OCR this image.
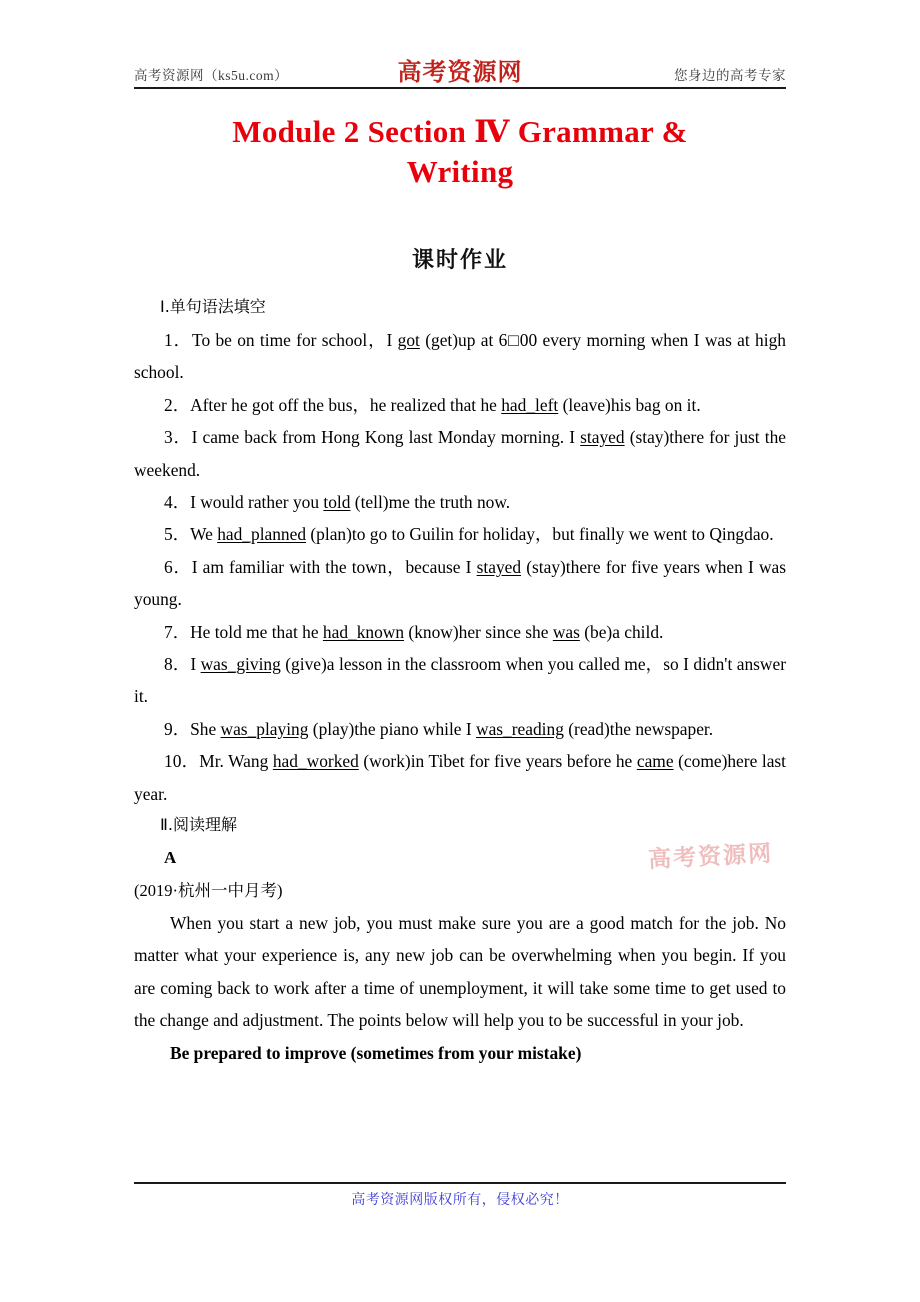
高考资源网（ks5u.com）	高考资源网	您身边的高考专家
Module 2 Section Ⅳ Grammar &
Writing
课时作业
Ⅰ.单句语法填空

1．To be on time for school，I got (get)up at 6□00 every morning when I was at high school.

2．After he got off the bus，he realized that he had_left (leave)his bag on it.

3．I came back from Hong Kong last Monday morning. I stayed (stay)there for just the weekend.

4．I would rather you told (tell)me the truth now.

5．We had_planned (plan)to go to Guilin for holiday，but finally we went to Qingdao.

6．I am familiar with the town，because I stayed (stay)there for five years when I was young.

7．He told me that he had_known (know)her since she was (be)a child.

8．I was_giving (give)a lesson in the classroom when you called me，so I didn't answer it.

9．She was_playing (play)the piano while I was_reading (read)the newspaper.

10．Mr. Wang had_worked (work)in Tibet for five years before he came (come)here last year.

Ⅱ.阅读理解

A

(2019·杭州一中月考)

When you start a new job, you must make sure you are a good match for the job. No matter what your experience is, any new job can be overwhelming when you begin. If you are coming back to work after a time of unemployment, it will take some time to get used to the change and adjustment. The points below will help you to be successful in your job.

Be prepared to improve (sometimes from your mistake)

高考资源网
高考资源网版权所有，侵权必究！
